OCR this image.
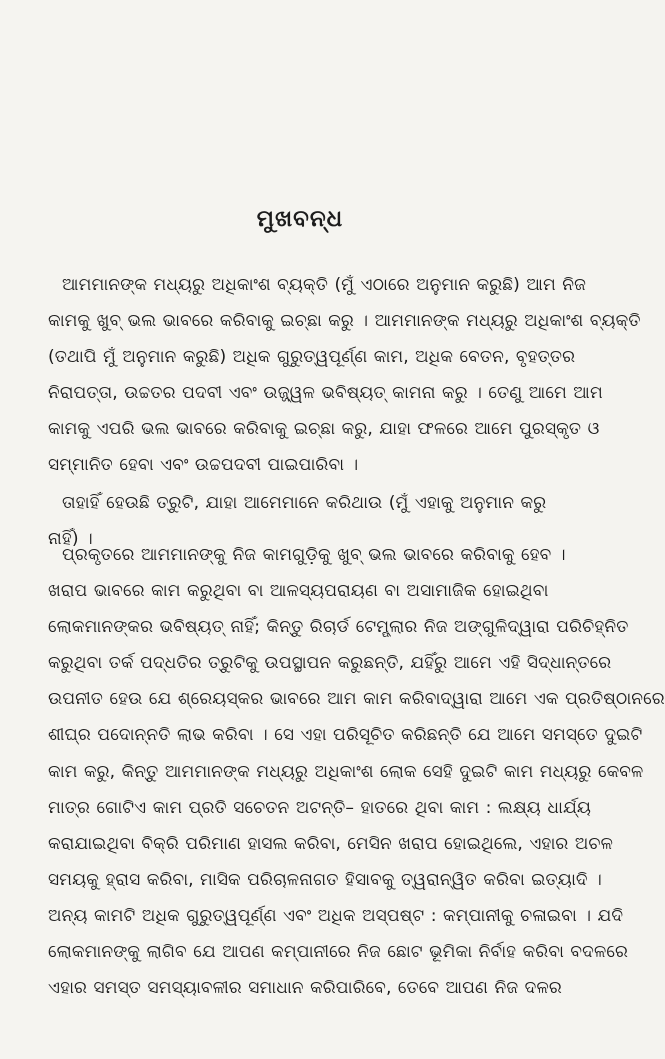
ମୁଖବନ୍ଧ
ଆମମାନଙ୍କ ମଧ୍ୟରୁ ଅଧିକାଂଶ ବ୍ୟକ୍ତି (ମୁଁ ଏଠାରେ ଅନୁମାନ କରୁଛି) ଆମ ନିଜ
କାମକୁ ଖୁବ୍ ଭଲ ଭାବରେ କରିବାକୁ ଇଚ୍ଛା କରୁ । ଆମମାନଙ୍କ ମଧ୍ୟରୁ ଅଧିକାଂଶ ବ୍ୟକ୍ତି
(ତଥାପି ମୁଁ ଅନୁମାନ କରୁଛି) ଅଧିକ ଗୁରୁତ୍ୱପୂର୍ଣ୍ଣ କାମ, ଅଧିକ ବେତନ, ବୃହତ୍ତର
ନିରାପତ୍ତା, ଉଚ୍ଚତର ପଦବୀ ଏବଂ ଉଜ୍ଜ୍ୱଳ ଭବିଷ୍ୟତ୍ କାମନା କରୁ । ତେଣୁ ଆମେ ଆମ
କାମକୁ ଏପରି ଭଲ ଭାବରେ କରିବାକୁ ଇଚ୍ଛା କରୁ, ଯାହା ଫଳରେ ଆମେ ପୁରସ୍କୃତ ଓ
ସମ୍ମାନିତ ହେବା ଏବଂ ଉଚ୍ଚପଦବୀ ପାଇପାରିବା ।
ତାହାହିଁ ହେଉଛି ତ୍ରୁଟି, ଯାହା ଆମେମାନେ କରିଥାଉ (ମୁଁ ଏହାକୁ ଅନୁମାନ କରୁ
ନାହିଁ) ।
ପ୍ରକୃତରେ ଆମମାନଙ୍କୁ ନିଜ କାମଗୁଡ଼ିକୁ ଖୁବ୍ ଭଲ ଭାବରେ କରିବାକୁ ହେବ ।
ଖରାପ ଭାବରେ କାମ କରୁଥିବା ବା ଆଳସ୍ୟପରାୟଣ ବା ଅସାମାଜିକ ହୋଇଥିବା
ଲୋକମାନଙ୍କର ଭବିଷ୍ୟତ୍ ନାହିଁ; କିନ୍ତୁ ରିଚାର୍ଡ ଟେମ୍ପ୍ଲାର ନିଜ ଅଙ୍ଗୁଳିଦ୍ୱାରା ପରିଚିହ୍ନିତ
କରୁଥିବା ତର୍କ ପଦ୍ଧତିର ତ୍ରୁଟିକୁ ଉପସ୍ଥାପନ କରୁଛନ୍ତି, ଯହିଁରୁ ଆମେ ଏହି ସିଦ୍ଧାନ୍ତରେ
ଉପନୀତ ହେଉ ଯେ ଶ୍ରେୟସ୍କର ଭାବରେ ଆମ କାମ କରିବାଦ୍ୱାରା ଆମେ ଏକ ପ୍ରତିଷ୍ଠାନରେ
ଶୀଘ୍ର ପଦୋନ୍ନତି ଲାଭ କରିବା । ସେ ଏହା ପରିସୂଚିତ କରିଛନ୍ତି ଯେ ଆମେ ସମସ୍ତେ ଦୁଇଟି
କାମ କରୁ, କିନ୍ତୁ ଆମମାନଙ୍କ ମଧ୍ୟରୁ ଅଧିକାଂଶ ଲୋକ ସେହି ଦୁଇଟି କାମ ମଧ୍ୟରୁ କେବଳ
ମାତ୍ର ଗୋଟିଏ କାମ ପ୍ରତି ସଚେତନ ଅଟନ୍ତି– ହାତରେ ଥିବା କାମ : ଲକ୍ଷ୍ୟ ଧାର୍ଯ୍ୟ
କରାଯାଇଥିବା ବିକ୍ରି ପରିମାଣ ହାସଲ କରିବା, ମେସିନ ଖରାପ ହୋଇଥିଲେ, ଏହାର ଅଚଳ
ସମୟକୁ ହ୍ରାସ କରିବା, ମାସିକ ପରିଚାଳନାଗତ ହିସାବକୁ ତ୍ୱରାନ୍ୱିତ କରିବା ଇତ୍ୟାଦି ।
ଅନ୍ୟ କାମଟି ଅଧିକ ଗୁରୁତ୍ୱପୂର୍ଣ୍ଣ ଏବଂ ଅଧିକ ଅସ୍ପଷ୍ଟ : କମ୍ପାନୀକୁ ଚଳାଇବା । ଯଦି
ଲୋକମାନଙ୍କୁ ଲାଗିବ ଯେ ଆପଣ କମ୍ପାନୀରେ ନିଜ ଛୋଟ ଭୂମିକା ନିର୍ବାହ କରିବା ବଦଳରେ
ଏହାର ସମସ୍ତ ସମସ୍ୟାବଳୀର ସମାଧାନ କରିପାରିବେ, ତେବେ ଆପଣ ନିଜ ଦଳର
